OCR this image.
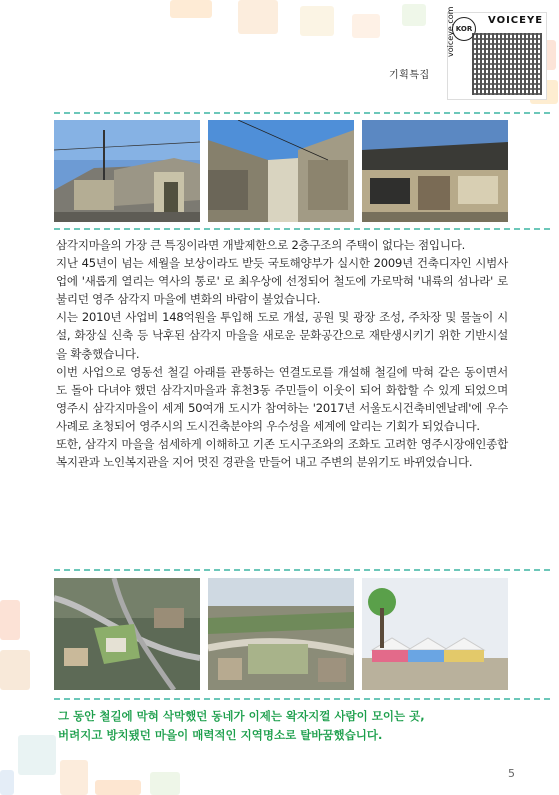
기획특집
KOR
VOICEYE
voiceye.com

삼각지마을의 가장 큰 특징이라면 개발제한으로 2층구조의 주택이 없다는 점입니다.

지난 45년이 넘는 세월을 보상이라도 받듯 국토해양부가 실시한 2009년 건축디자인 시범사업에 '새롭게 열리는 역사의 통로' 로 최우상에 선정되어 철도에 가로막혀 '내륙의 섬나라' 로 불리던 영주 삼각지 마을에 변화의 바람이 불었습니다.

시는 2010년 사업비 148억원을 투입해 도로 개설, 공원 및 광장 조성, 주차장 및 물놀이 시설, 화장실 신축 등 낙후된 삼각지 마을을 새로운 문화공간으로 재탄생시키기 위한 기반시설을 확충했습니다.

이번 사업으로 영동선 철길 아래를 관통하는 연결도로를 개설해 철길에 막혀 같은 동이면서도 돌아 다녀야 했던 삼각지마을과 휴천3동 주민들이 이웃이 되어 화합할 수 있게 되었으며 영주시 삼각지마을이 세계 50여개 도시가 참여하는 '2017년 서울도시건축비엔날레'에 우수사례로 초청되어 영주시의 도시건축분야의 우수성을 세계에 알리는 기회가 되었습니다.

또한, 삼각지 마을을 섬세하게 이해하고 기존 도시구조와의 조화도 고려한 영주시장애인종합복지관과 노인복지관을 지어 멋진 경관을 만들어 내고 주변의 분위기도 바뀌었습니다.

그 동안 철길에 막혀 삭막했던 동네가 이제는 왁자지껄 사람이 모이는 곳,

버려지고 방치됐던 마을이 매력적인 지역명소로 탈바꿈했습니다.

5
